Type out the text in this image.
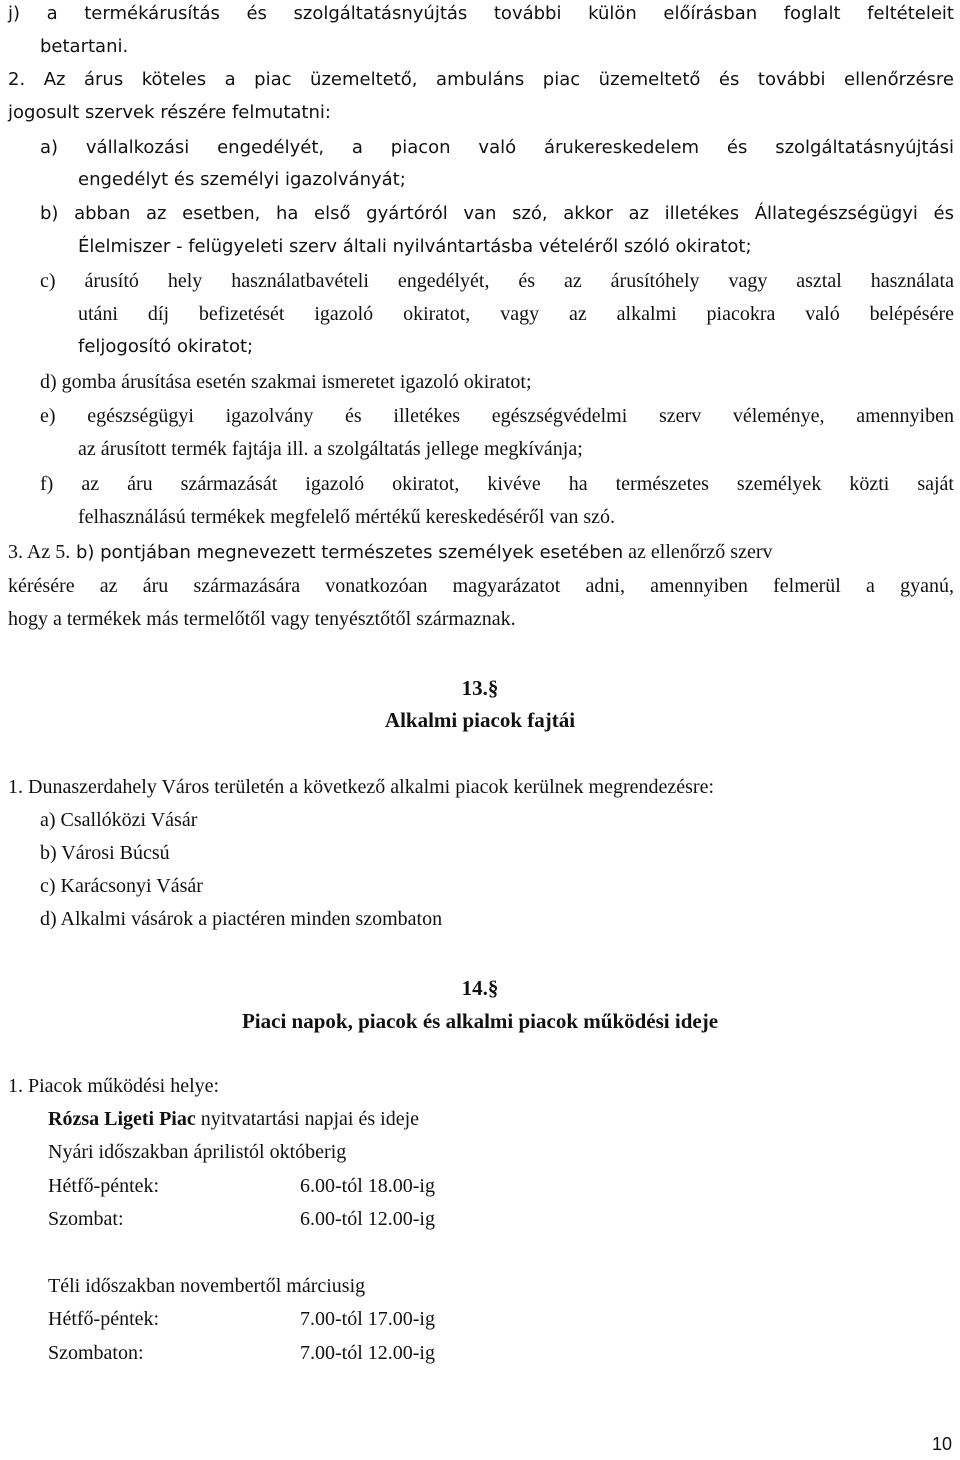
j) a termékárusítás és szolgáltatásnyújtás további külön előírásban foglalt feltételeit
betartani.
2. Az árus köteles a piac üzemeltető, ambuláns piac üzemeltető és további ellenőrzésre
jogosult szervek részére felmutatni:
a) vállalkozási engedélyét, a piacon való árukereskedelem és szolgáltatásnyújtási
engedélyt és személyi igazolványát;
b) abban az esetben, ha első gyártóról van szó, akkor az illetékes Állategészségügyi és
Élelmiszer - felügyeleti szerv általi nyilvántartásba vételéről szóló okiratot;
c) árusító hely használatbavételi engedélyét, és az árusítóhely vagy asztal használata
utáni díj befizetését igazoló okiratot, vagy az alkalmi piacokra való belépésére
feljogosító okiratot;
d) gomba árusítása esetén szakmai ismeretet igazoló okiratot;
e) egészségügyi igazolvány és illetékes egészségvédelmi szerv véleménye, amennyiben
az árusított termék fajtája ill. a szolgáltatás jellege megkívánja;
f) az áru származását igazoló okiratot, kivéve ha természetes személyek közti saját
felhasználású termékek megfelelő mértékű kereskedéséről van szó.
3. Az 5. b) pontjában megnevezett természetes személyek esetében az ellenőrző szerv
kérésére az áru származására vonatkozóan magyarázatot adni, amennyiben felmerül a gyanú,
hogy a termékek más termelőtől vagy tenyésztőtől származnak.
13.§
Alkalmi piacok fajtái
1. Dunaszerdahely Város területén a következő alkalmi piacok kerülnek megrendezésre:
a) Csallóközi Vásár
b) Városi Búcsú
c) Karácsonyi Vásár
d) Alkalmi vásárok a piactéren minden szombaton
14.§
Piaci napok, piacok és alkalmi piacok működési ideje
1. Piacok működési helye:
Rózsa Ligeti Piac nyitvatartási napjai és ideje
Nyári időszakban áprilistól októberig
Hétfő-péntek:	6.00-tól 18.00-ig
Szombat:	6.00-tól 12.00-ig
Téli időszakban novembertől márciusig
Hétfő-péntek:	7.00-tól 17.00-ig
Szombaton:	7.00-tól 12.00-ig
10
